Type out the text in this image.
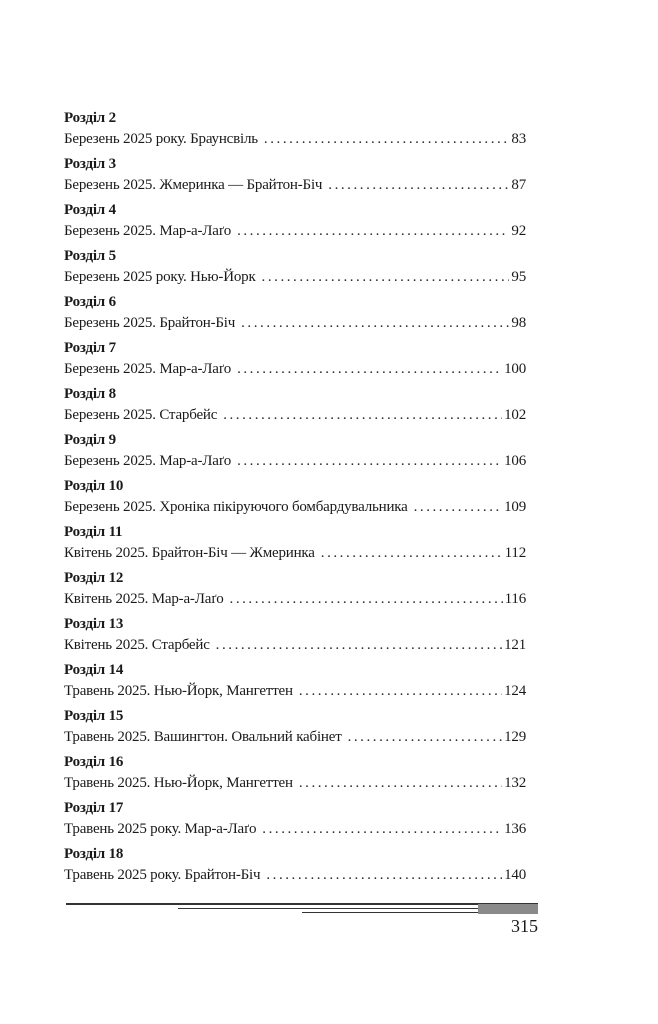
Розділ 2
Березень 2025 року. Браунсвіль . . .	83
Розділ 3
Березень 2025. Жмеринка — Брайтон-Біч . . .	87
Розділ 4
Березень 2025. Мар-а-Лаґо . . .	92
Розділ 5
Березень 2025 року. Нью-Йорк . . .	95
Розділ 6
Березень 2025. Брайтон-Біч . . .	98
Розділ 7
Березень 2025. Мар-а-Лаґо . . .	100
Розділ 8
Березень 2025. Старбейс . . .	102
Розділ 9
Березень 2025. Мар-а-Лаґо . . .	106
Розділ 10
Березень 2025. Хроніка пікіруючого бомбардувальника . . .	109
Розділ 11
Квітень 2025. Брайтон-Біч — Жмеринка . . .	112
Розділ 12
Квітень 2025. Мар-а-Лаґо . . .	116
Розділ 13
Квітень 2025. Старбейс . . .	121
Розділ 14
Травень 2025. Нью-Йорк, Мангеттен . . .	124
Розділ 15
Травень 2025. Вашингтон. Овальний кабінет . . .	129
Розділ 16
Травень 2025. Нью-Йорк, Мангеттен . . .	132
Розділ 17
Травень 2025 року. Мар-а-Лаґо . . .	136
Розділ 18
Травень 2025 року. Брайтон-Біч . . .	140
315
